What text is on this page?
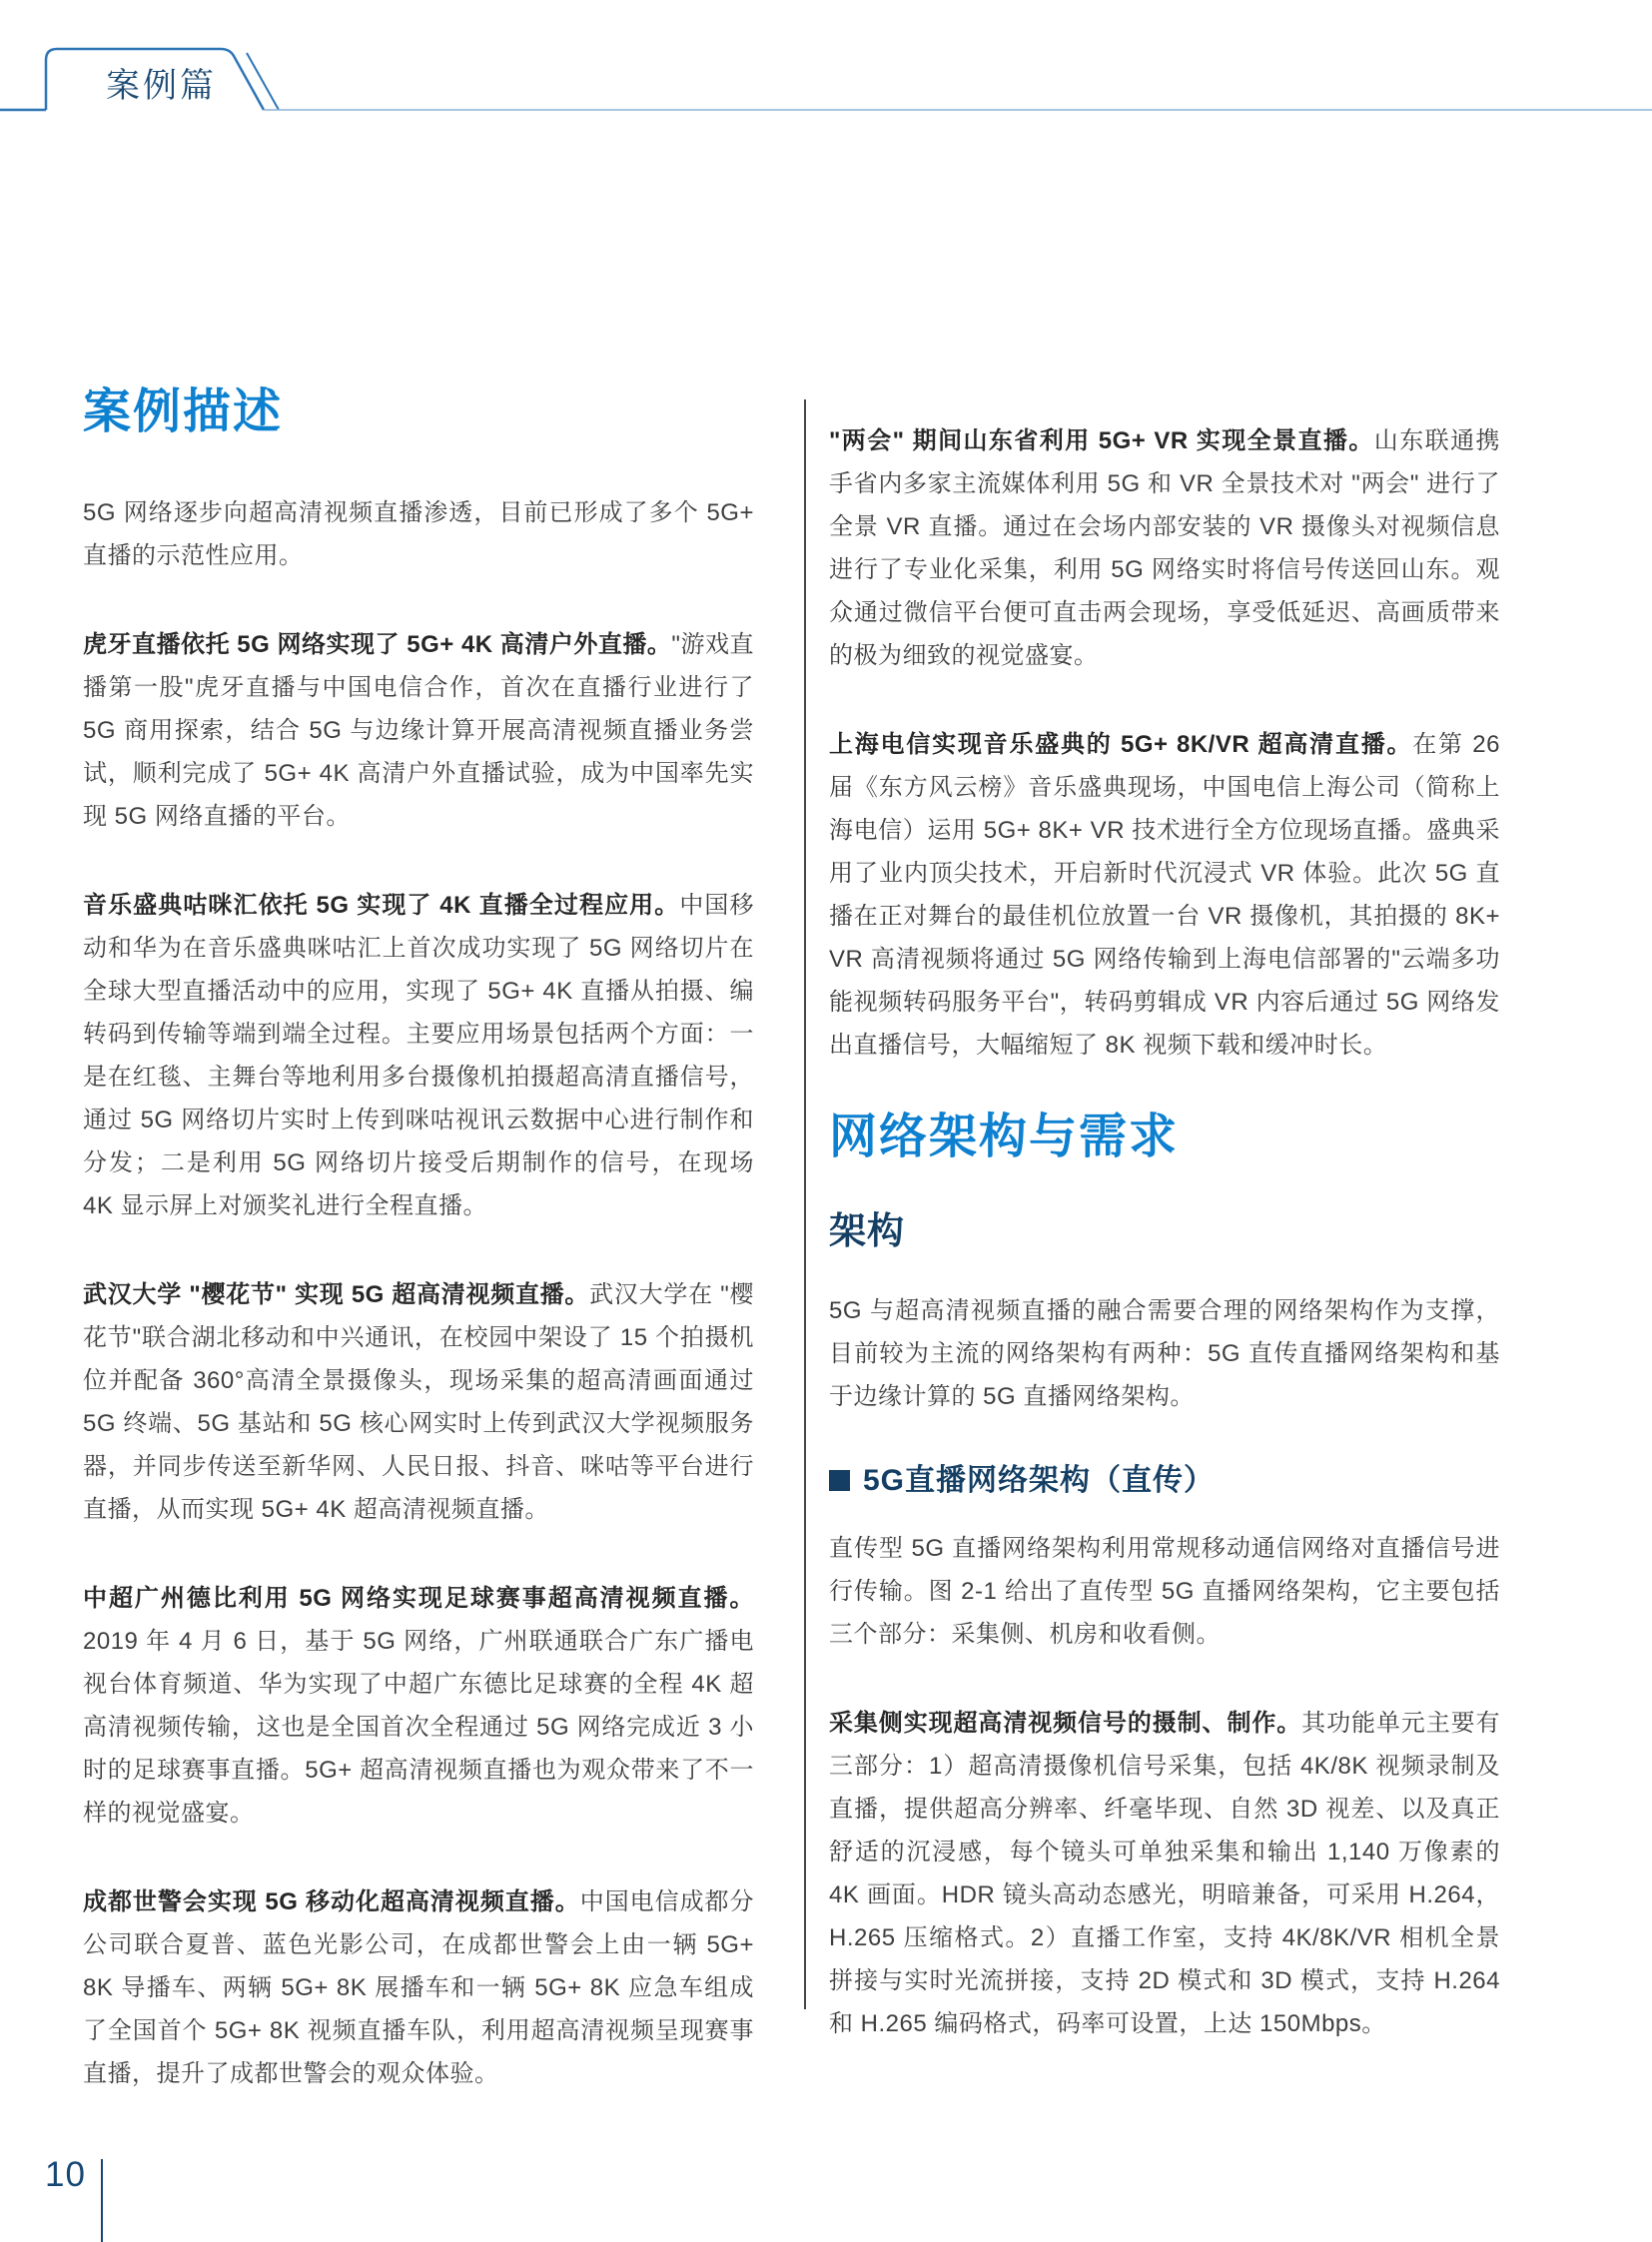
案例篇
案例描述

5G 网络逐步向超高清视频直播渗透，目前已形成了多个 5G+ 直播的示范性应用。

虎牙直播依托 5G 网络实现了 5G+ 4K 高清户外直播。"游戏直播第一股"虎牙直播与中国电信合作，首次在直播行业进行了 5G 商用探索，结合 5G 与边缘计算开展高清视频直播业务尝试，顺利完成了 5G+ 4K 高清户外直播试验，成为中国率先实现 5G 网络直播的平台。

音乐盛典咕咪汇依托 5G 实现了 4K 直播全过程应用。中国移动和华为在音乐盛典咪咕汇上首次成功实现了 5G 网络切片在全球大型直播活动中的应用，实现了 5G+ 4K 直播从拍摄、编转码到传输等端到端全过程。主要应用场景包括两个方面：一是在红毯、主舞台等地利用多台摄像机拍摄超高清直播信号，通过 5G 网络切片实时上传到咪咕视讯云数据中心进行制作和分发；二是利用 5G 网络切片接受后期制作的信号，在现场 4K 显示屏上对颁奖礼进行全程直播。

武汉大学 "樱花节" 实现 5G 超高清视频直播。武汉大学在 "樱花节"联合湖北移动和中兴通讯，在校园中架设了 15 个拍摄机位并配备 360°高清全景摄像头，现场采集的超高清画面通过 5G 终端、5G 基站和 5G 核心网实时上传到武汉大学视频服务器，并同步传送至新华网、人民日报、抖音、咪咕等平台进行直播，从而实现 5G+ 4K 超高清视频直播。

中超广州德比利用 5G 网络实现足球赛事超高清视频直播。2019 年 4 月 6 日，基于 5G 网络，广州联通联合广东广播电视台体育频道、华为实现了中超广东德比足球赛的全程 4K 超高清视频传输，这也是全国首次全程通过 5G 网络完成近 3 小时的足球赛事直播。5G+ 超高清视频直播也为观众带来了不一样的视觉盛宴。

成都世警会实现 5G 移动化超高清视频直播。中国电信成都分公司联合夏普、蓝色光影公司，在成都世警会上由一辆 5G+ 8K 导播车、两辆 5G+ 8K 展播车和一辆 5G+ 8K 应急车组成了全国首个 5G+ 8K 视频直播车队，利用超高清视频呈现赛事直播，提升了成都世警会的观众体验。

"两会" 期间山东省利用 5G+ VR 实现全景直播。山东联通携手省内多家主流媒体利用 5G 和 VR 全景技术对 "两会" 进行了全景 VR 直播。通过在会场内部安装的 VR 摄像头对视频信息进行了专业化采集，利用 5G 网络实时将信号传送回山东。观众通过微信平台便可直击两会现场，享受低延迟、高画质带来的极为细致的视觉盛宴。

上海电信实现音乐盛典的 5G+ 8K/VR 超高清直播。在第 26 届《东方风云榜》音乐盛典现场，中国电信上海公司（简称上海电信）运用 5G+ 8K+ VR 技术进行全方位现场直播。盛典采用了业内顶尖技术，开启新时代沉浸式 VR 体验。此次 5G 直播在正对舞台的最佳机位放置一台 VR 摄像机，其拍摄的 8K+ VR 高清视频将通过 5G 网络传输到上海电信部署的"云端多功能视频转码服务平台"，转码剪辑成 VR 内容后通过 5G 网络发出直播信号，大幅缩短了 8K 视频下载和缓冲时长。

网络架构与需求
架构

5G 与超高清视频直播的融合需要合理的网络架构作为支撑，目前较为主流的网络架构有两种：5G 直传直播网络架构和基于边缘计算的 5G 直播网络架构。

5G直播网络架构（直传）

直传型 5G 直播网络架构利用常规移动通信网络对直播信号进行传输。图 2-1 给出了直传型 5G 直播网络架构，它主要包括三个部分：采集侧、机房和收看侧。

采集侧实现超高清视频信号的摄制、制作。其功能单元主要有三部分：1）超高清摄像机信号采集，包括 4K/8K 视频录制及直播，提供超高分辨率、纤毫毕现、自然 3D 视差、以及真正舒适的沉浸感，每个镜头可单独采集和输出 1,140 万像素的 4K 画面。HDR 镜头高动态感光，明暗兼备，可采用 H.264，H.265 压缩格式。2）直播工作室，支持 4K/8K/VR 相机全景拼接与实时光流拼接，支持 2D 模式和 3D 模式，支持 H.264 和 H.265 编码格式，码率可设置，上达 150Mbps。

10
